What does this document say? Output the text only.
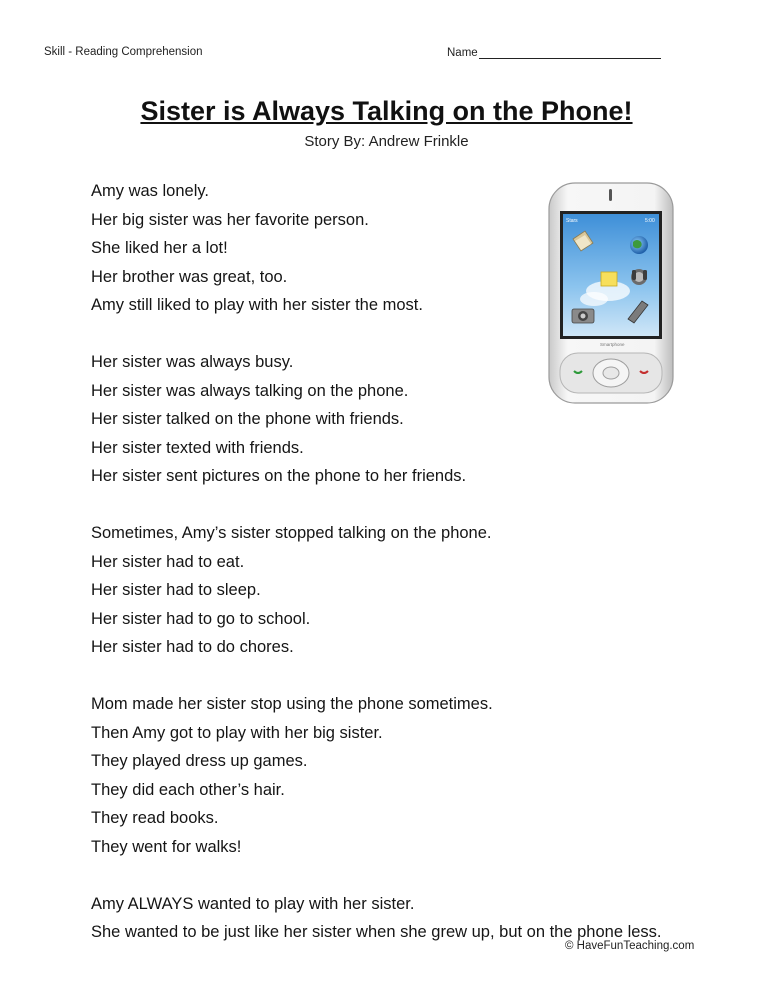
Skill - Reading Comprehension	Name
Sister is Always Talking on the Phone!
Story By: Andrew Frinkle
Amy was lonely.
Her big sister was her favorite person.
She liked her a lot!
Her brother was great, too.
Amy still liked to play with her sister the most.
Her sister was always busy.
Her sister was always talking on the phone.
Her sister talked on the phone with friends.
Her sister texted with friends.
Her sister sent pictures on the phone to her friends.
Sometimes, Amy’s sister stopped talking on the phone.
Her sister had to eat.
Her sister had to sleep.
Her sister had to go to school.
Her sister had to do chores.
Mom made her sister stop using the phone sometimes.
Then Amy got to play with her big sister.
They played dress up games.
They did each other’s hair.
They read books.
They went for walks!
Amy ALWAYS wanted to play with her sister.
She wanted to be just like her sister when she grew up, but on the phone less.
Stars	5:00
Smartphone
© HaveFunTeaching.com
